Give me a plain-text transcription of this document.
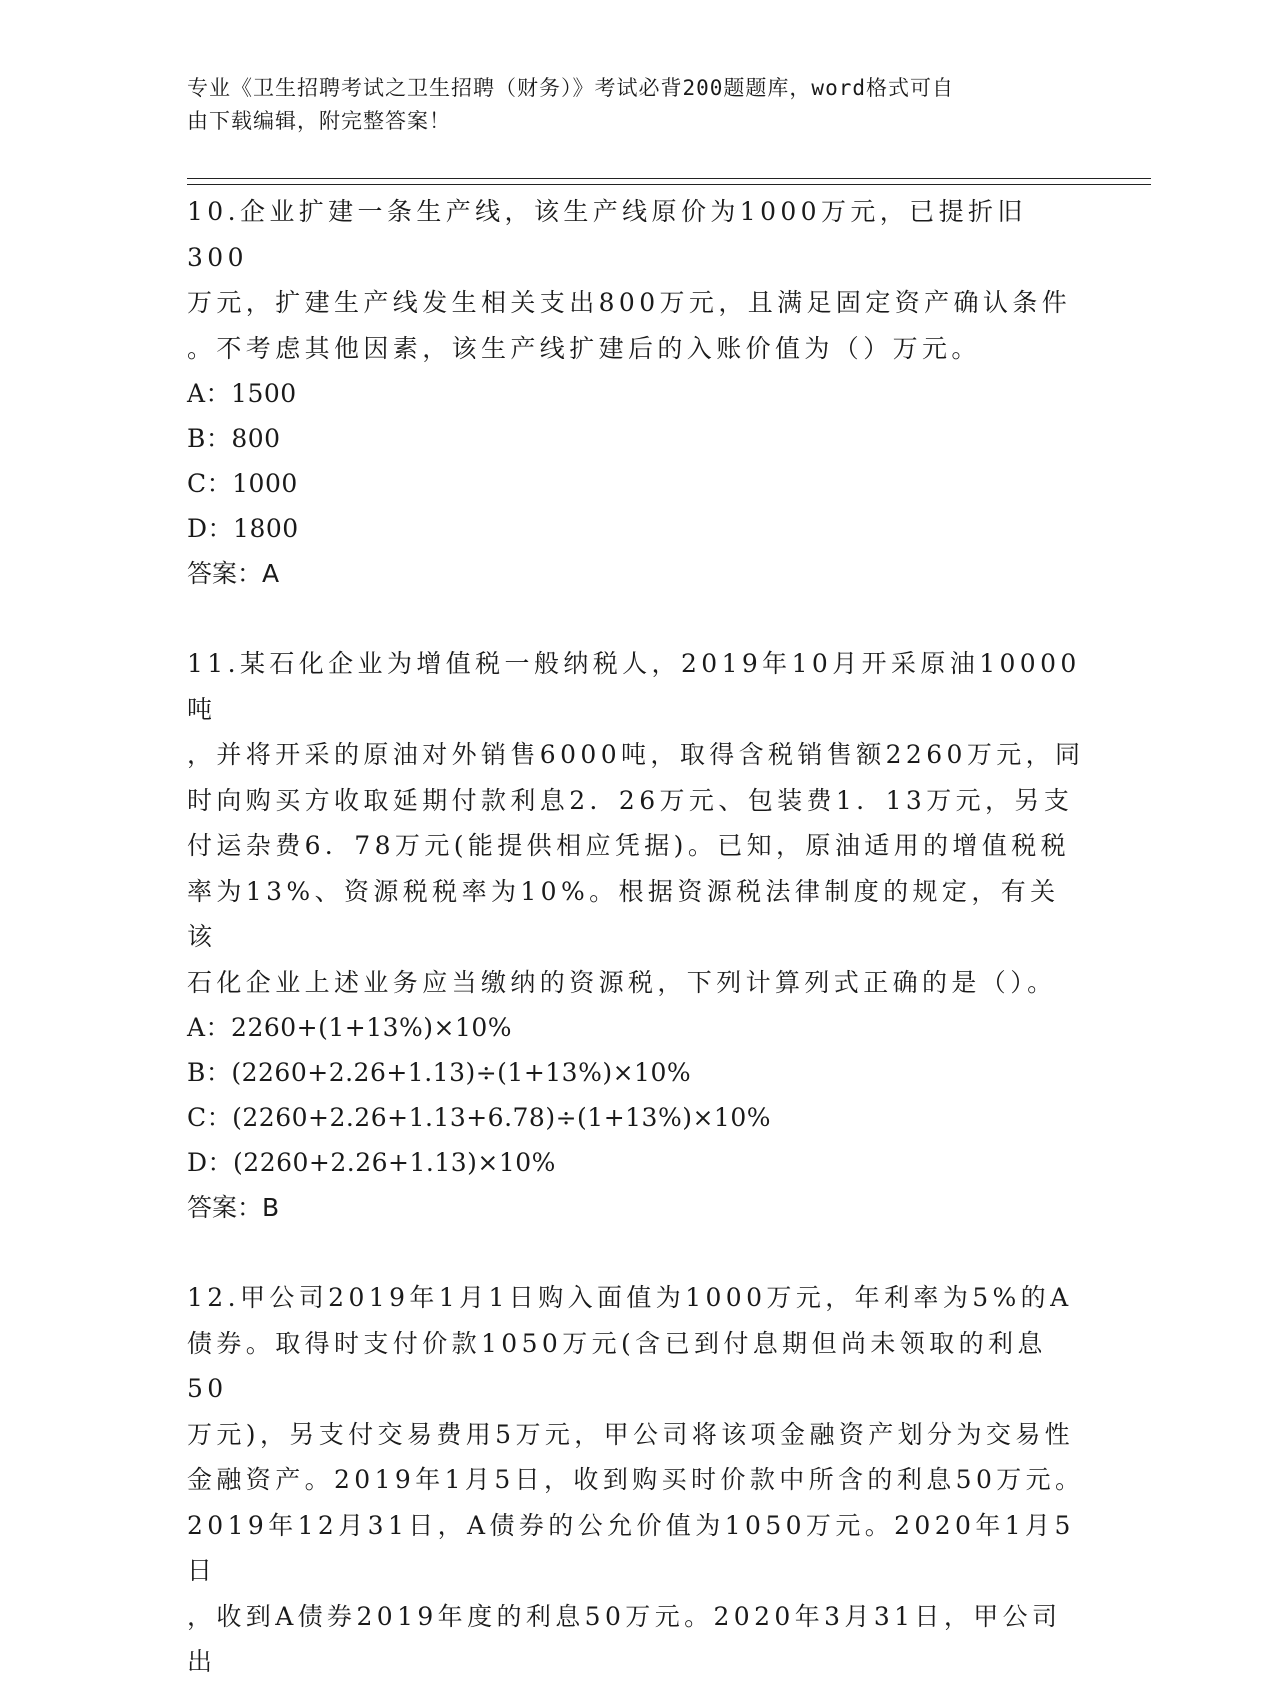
专业《卫生招聘考试之卫生招聘（财务）》考试必背200题题库，word格式可自
由下载编辑，附完整答案！

10.企业扩建一条生产线，该生产线原价为1000万元，已提折旧300

万元，扩建生产线发生相关支出800万元，且满足固定资产确认条件

。不考虑其他因素，该生产线扩建后的入账价值为（）万元。

A：1500

B：800

C：1000

D：1800

答案：A

11.某石化企业为增值税一般纳税人，2019年10月开采原油10000吨

，并将开采的原油对外销售6000吨，取得含税销售额2260万元，同

时向购买方收取延期付款利息2．26万元、包装费1．13万元，另支

付运杂费6．78万元(能提供相应凭据)。已知，原油适用的增值税税

率为13%、资源税税率为10%。根据资源税法律制度的规定，有关该

石化企业上述业务应当缴纳的资源税，下列计算列式正确的是（）。

A：2260+(1+13%)×10%

B：(2260+2.26+1.13)÷(1+13%)×10%

C：(2260+2.26+1.13+6.78)÷(1+13%)×10%

D：(2260+2.26+1.13)×10%

答案：B

12.甲公司2019年1月1日购入面值为1000万元，年利率为5%的A

债券。取得时支付价款1050万元(含已到付息期但尚未领取的利息50

万元)，另支付交易费用5万元，甲公司将该项金融资产划分为交易性

金融资产。2019年1月5日，收到购买时价款中所含的利息50万元。

2019年12月31日，A债券的公允价值为1050万元。2020年1月5日

，收到A债券2019年度的利息50万元。2020年3月31日，甲公司出
